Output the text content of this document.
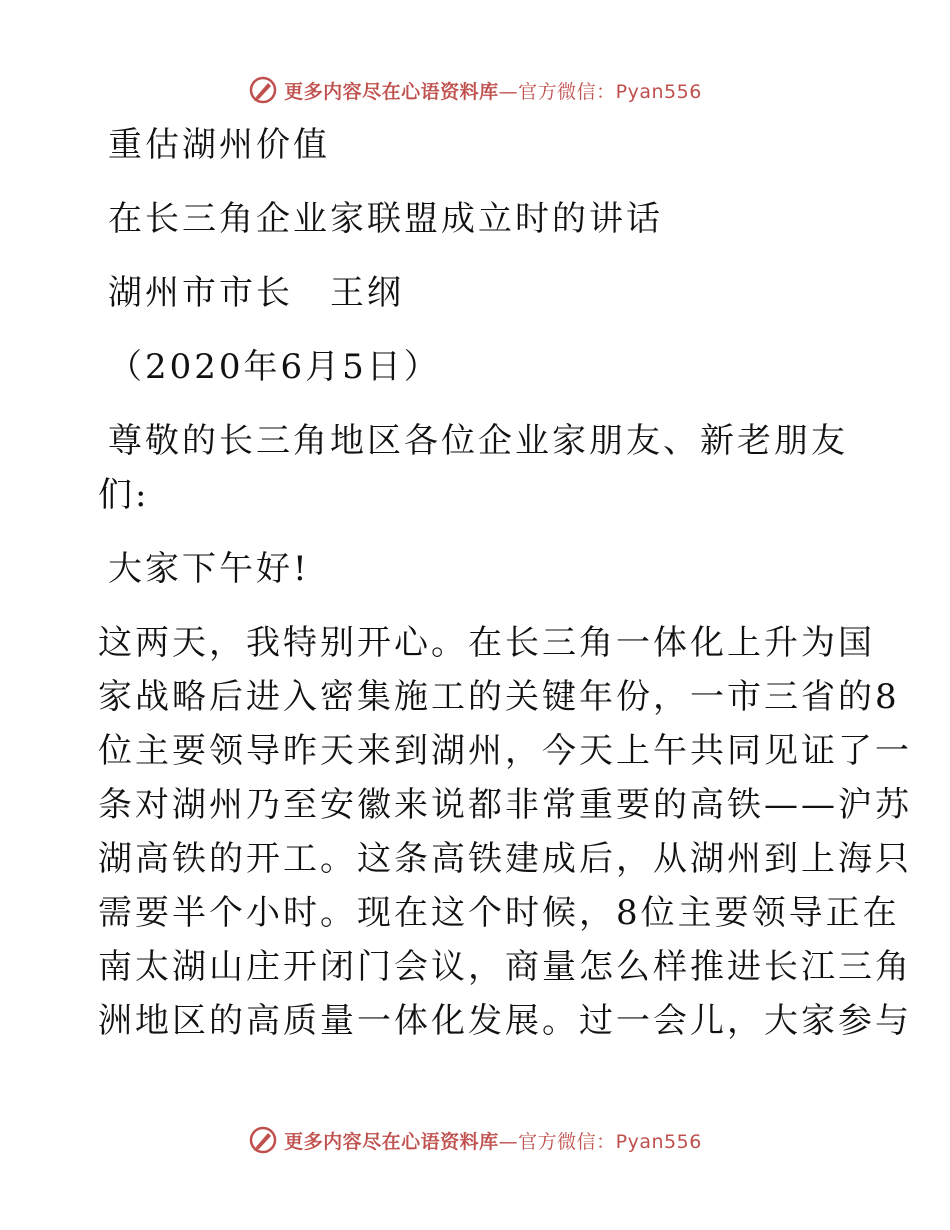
更多内容尽在心语资料库—官方微信：Pyan556
重估湖州价值
在长三角企业家联盟成立时的讲话
湖州市市长　王纲
（2020年6月5日）
尊敬的长三角地区各位企业家朋友、新老朋友
们:
大家下午好!
这两天，我特别开心。在长三角一体化上升为国
家战略后进入密集施工的关键年份，一市三省的8
位主要领导昨天来到湖州，今天上午共同见证了一
条对湖州乃至安徽来说都非常重要的高铁——沪苏
湖高铁的开工。这条高铁建成后，从湖州到上海只
需要半个小时。现在这个时候，8位主要领导正在
南太湖山庄开闭门会议，商量怎么样推进长江三角
洲地区的高质量一体化发展。过一会儿，大家参与
更多内容尽在心语资料库—官方微信：Pyan556
